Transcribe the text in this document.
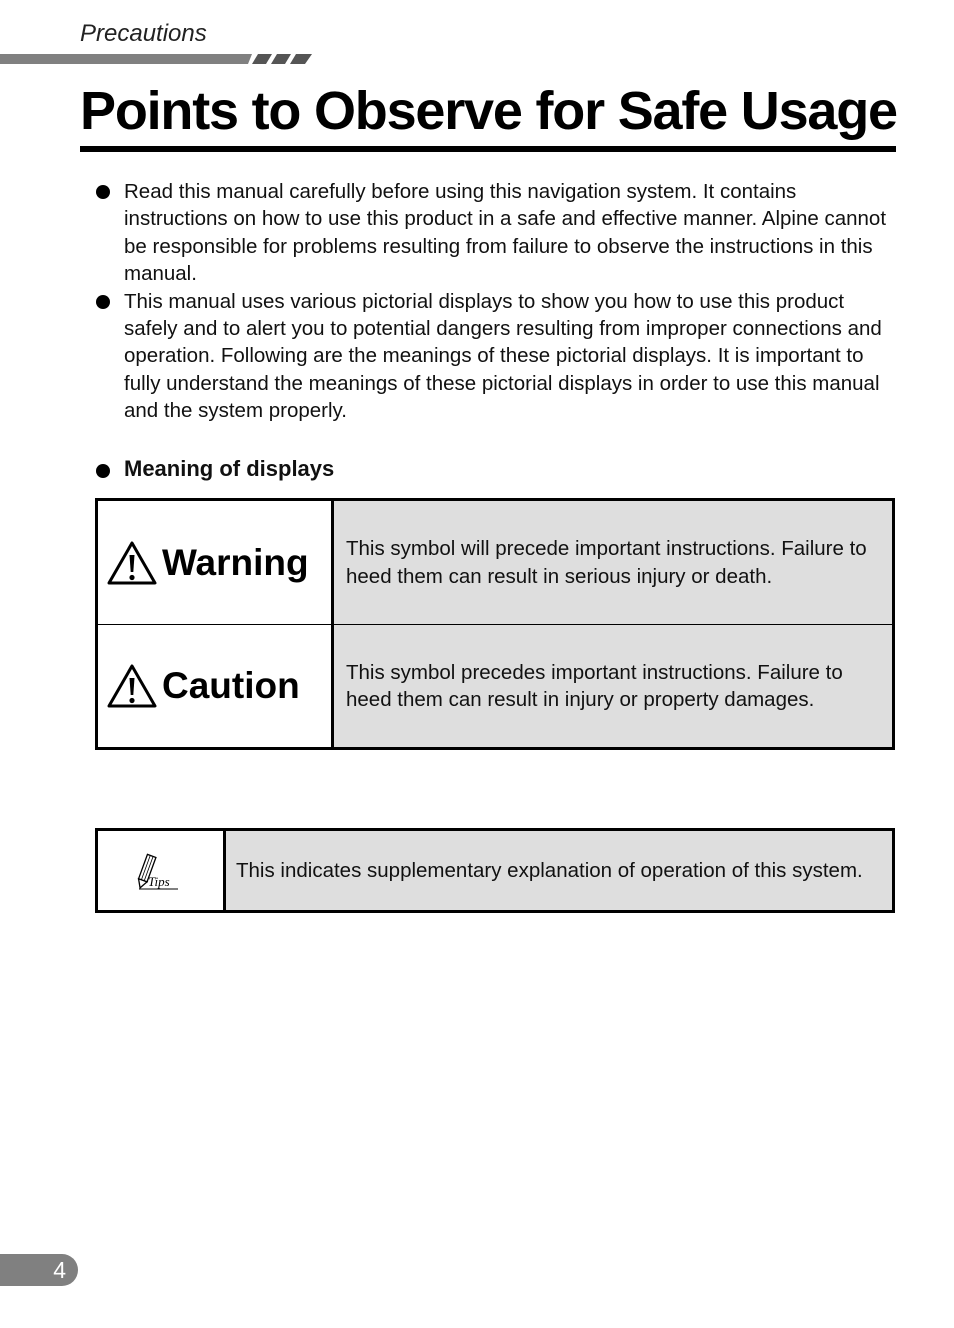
Precautions
Points to Observe for Safe Usage
Read this manual carefully before using this navigation system. It contains instructions on how to use this product in a safe and effective manner. Alpine cannot be responsible for problems resulting from failure to observe the instructions in this manual.
This manual uses various pictorial displays to show you how to use this product safely and to alert you to potential dangers resulting from improper connections and operation. Following are the meanings of these pictorial displays. It is important to fully understand the meanings of these pictorial displays in order to use this manual and the system properly.
Meaning of displays
Warning	This symbol will precede important instructions. Failure to heed them can result in serious injury or death.
Caution	This symbol precedes important instructions. Failure to heed them can result in injury or property damages.
Tips	This indicates supplementary explanation of operation of this system.
4
